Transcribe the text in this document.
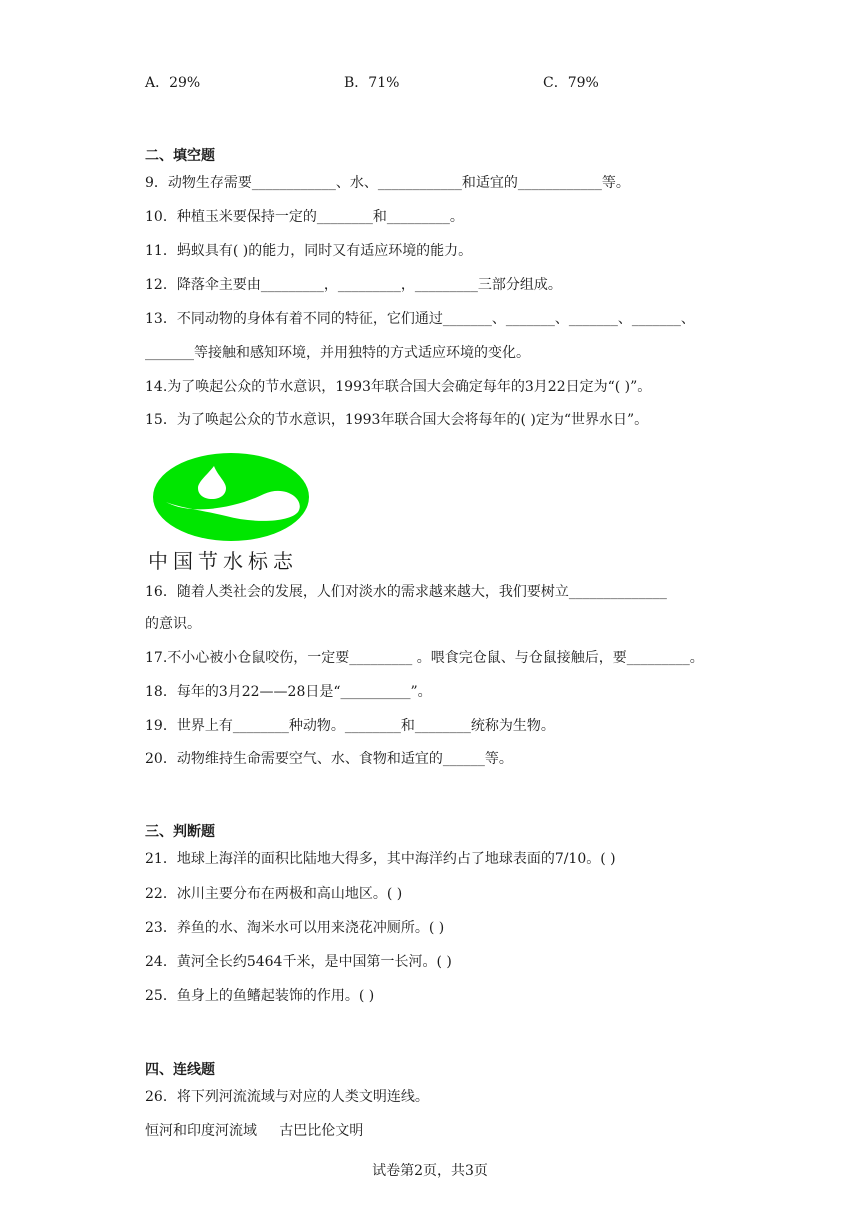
A．29%	B．71%	C．79%
二、填空题
9．动物生存需要____________、水、____________和适宜的____________等。
10．种植玉米要保持一定的________和_________。
11．蚂蚁具有( )的能力，同时又有适应环境的能力。
12．降落伞主要由_________，_________，_________三部分组成。
13．不同动物的身体有着不同的特征，它们通过_______、_______、_______、_______、
_______等接触和感知环境，并用独特的方式适应环境的变化。
14.为了唤起公众的节水意识，1993年联合国大会确定每年的3月22日定为“( )”。
15．为了唤起公众的节水意识，1993年联合国大会将每年的( )定为“世界水日”。
中国节水标志
16．随着人类社会的发展，人们对淡水的需求越来越大，我们要树立______________
的意识。
17.不小心被小仓鼠咬伤，一定要_________ 。喂食完仓鼠、与仓鼠接触后，要_________。
18．每年的3月22——28日是“__________”。
19．世界上有________种动物。________和________统称为生物。
20．动物维持生命需要空气、水、食物和适宜的______等。
三、判断题
21．地球上海洋的面积比陆地大得多，其中海洋约占了地球表面的7/10。( )
22．冰川主要分布在两极和高山地区。( )
23．养鱼的水、淘米水可以用来浇花冲厕所。( )
24．黄河全长约5464千米，是中国第一长河。( )
25．鱼身上的鱼鳍起装饰的作用。( )
四、连线题
26．将下列河流流域与对应的人类文明连线。
恒河和印度河流域     古巴比伦文明
试卷第2页，共3页
